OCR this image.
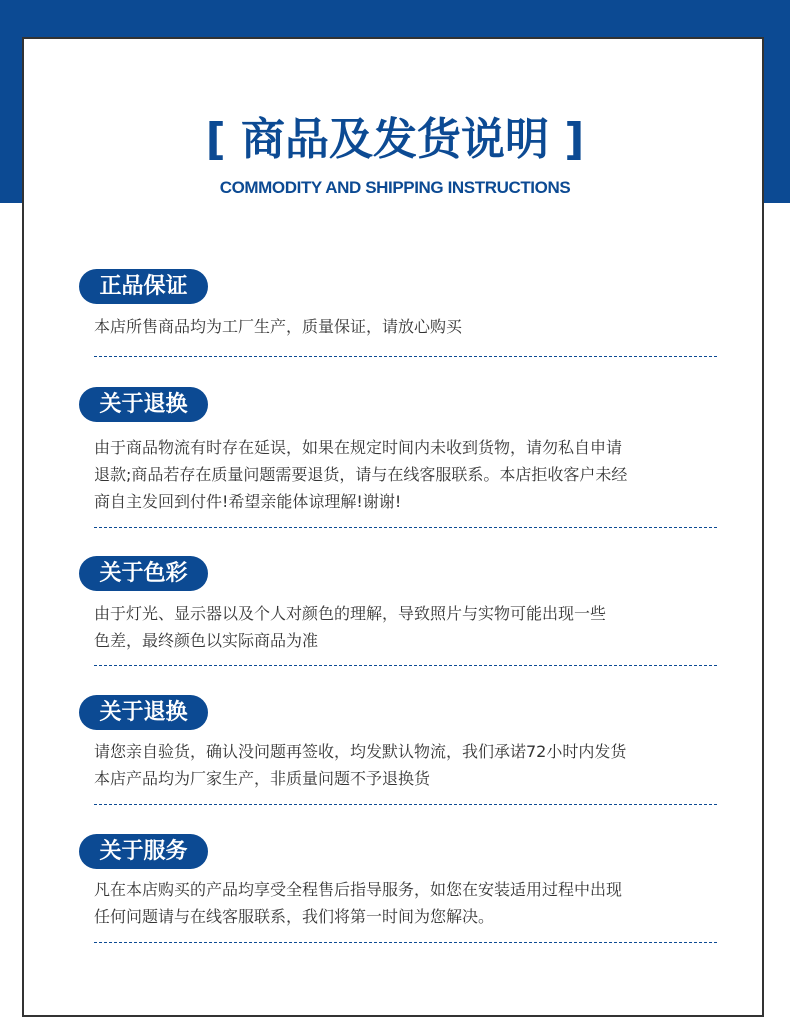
[ 商品及发货说明 ]
COMMODITY AND SHIPPING INSTRUCTIONS
正品保证
本店所售商品均为工厂生产，质量保证，请放心购买
关于退换
由于商品物流有时存在延误，如果在规定时间内未收到货物，请勿私自申请
退款;商品若存在质量问题需要退货，请与在线客服联系。本店拒收客户未经
商自主发回到付件!希望亲能体谅理解!谢谢!
关于色彩
由于灯光、显示器以及个人对颜色的理解，导致照片与实物可能出现一些
色差，最终颜色以实际商品为准
关于退换
请您亲自验货，确认没问题再签收，均发默认物流，我们承诺72小时内发货
本店产品均为厂家生产，非质量问题不予退换货
关于服务
凡在本店购买的产品均享受全程售后指导服务，如您在安装适用过程中出现
任何问题请与在线客服联系，我们将第一时间为您解决。
